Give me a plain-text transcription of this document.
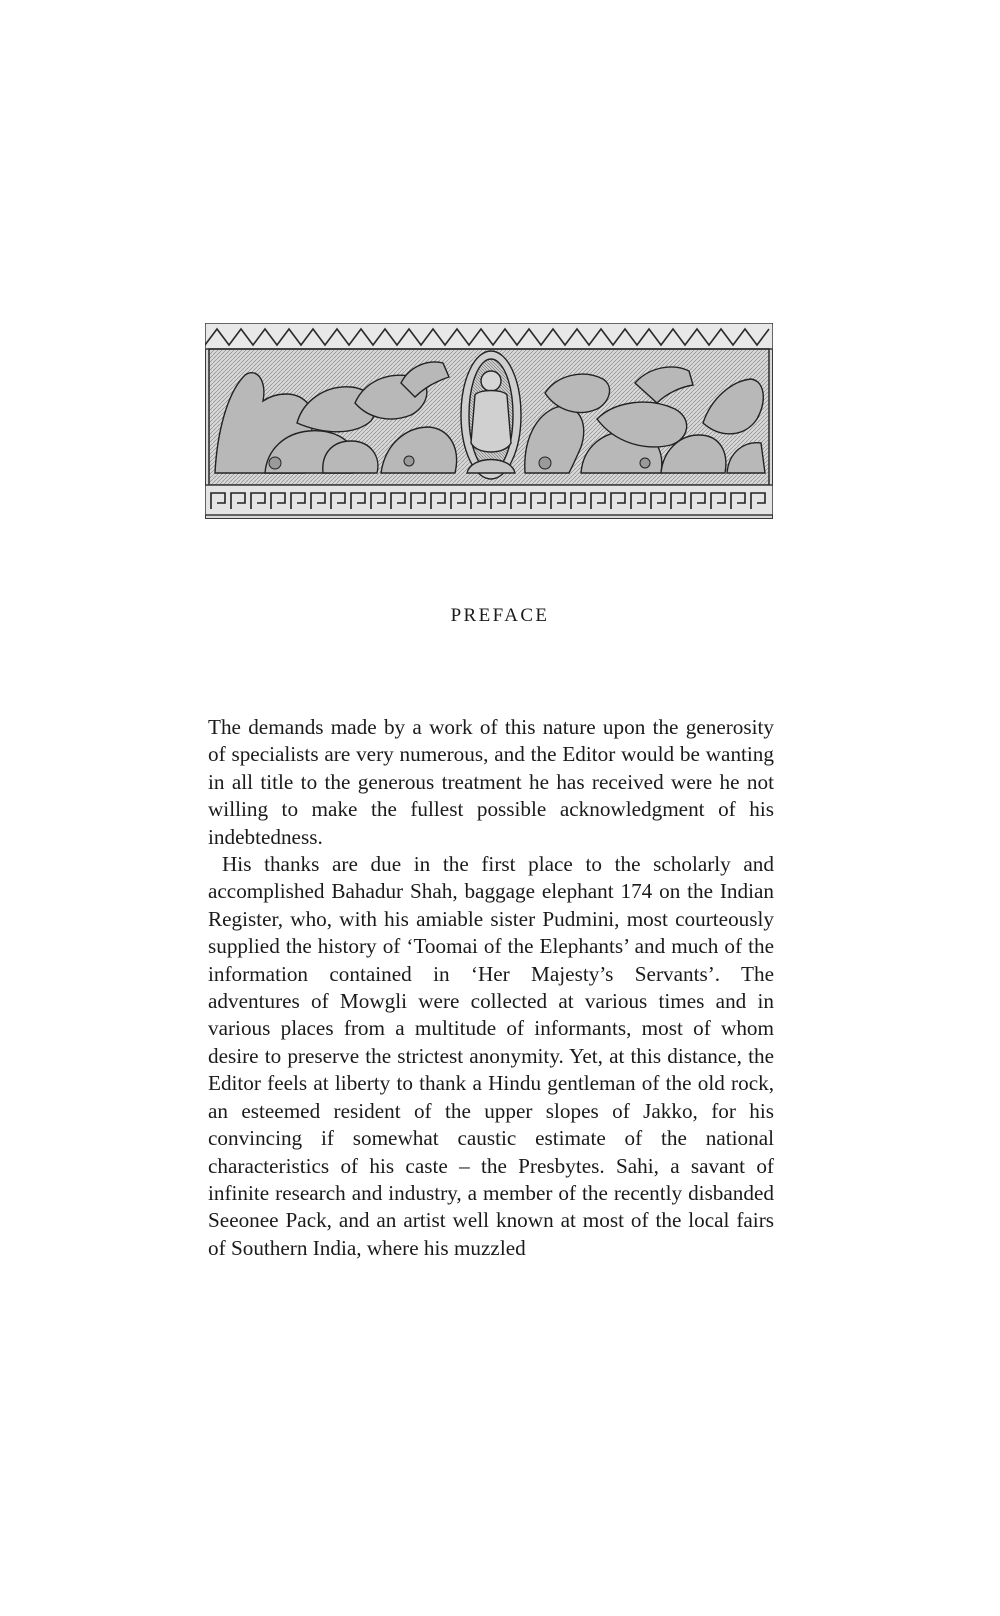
PREFACE

The demands made by a work of this nature upon the generosity of specialists are very numerous, and the Editor would be wanting in all title to the generous treatment he has received were he not willing to make the fullest possible acknowledgment of his indebtedness.

His thanks are due in the first place to the scholarly and accomplished Bahadur Shah, baggage elephant 174 on the Indian Register, who, with his amiable sister Pudmini, most courteously supplied the history of ‘Toomai of the Elephants’ and much of the information contained in ‘Her Majesty’s Servants’. The adventures of Mowgli were collected at various times and in various places from a multitude of informants, most of whom desire to preserve the strictest anonymity. Yet, at this distance, the Editor feels at liberty to thank a Hindu gentleman of the old rock, an esteemed resident of the upper slopes of Jakko, for his convincing if somewhat caustic estimate of the national characteristics of his caste – the Presbytes. Sahi, a savant of infinite research and industry, a member of the recently disbanded Seeonee Pack, and an artist well known at most of the local fairs of Southern India, where his muzzled
